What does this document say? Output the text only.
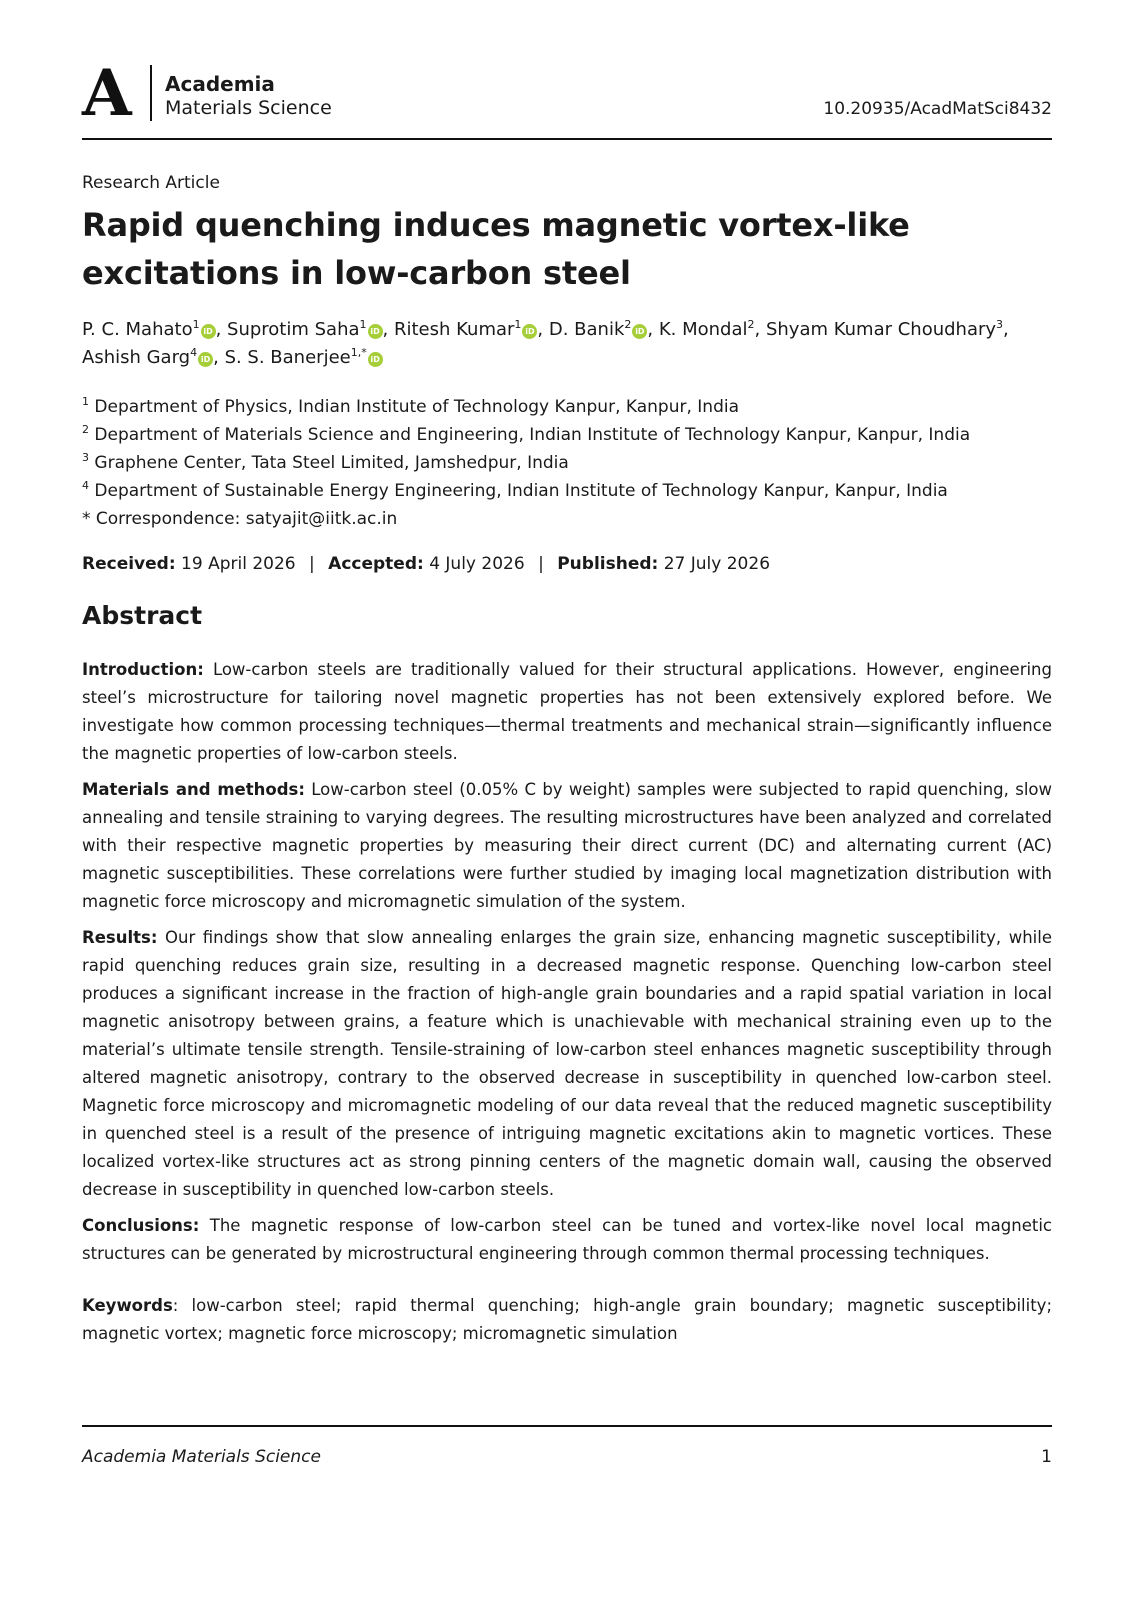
A Academia
Materials Science	10.20935/AcadMatSci8432
Research Article
Rapid quenching induces magnetic vortex-like excitations in low-carbon steel
P. C. Mahato$^1$iD , Suprotim Saha$^1$iD , Ritesh Kumar$^1$iD , D. Banik$^2$iD , K. Mondal$^2$, Shyam Kumar Choudhary$^3$,
Ashish Garg$^4$iD , S. S. Banerjee$^{1,*}$iD
$^1$ Department of Physics, Indian Institute of Technology Kanpur, Kanpur, India
$^2$ Department of Materials Science and Engineering, Indian Institute of Technology Kanpur, Kanpur, India
$^3$ Graphene Center, Tata Steel Limited, Jamshedpur, India
$^4$ Department of Sustainable Energy Engineering, Indian Institute of Technology Kanpur, Kanpur, India
* Correspondence: satyajit@iitk.ac.in
Received: 19 April 2026 | Accepted: 4 July 2026 | Published: 27 July 2026
Abstract

Introduction: Low-carbon steels are traditionally valued for their structural applications. However, engineering steel’s microstructure for tailoring novel magnetic properties has not been extensively explored before. We investigate how common processing techniques—thermal treatments and mechanical strain—significantly influence the magnetic properties of low-carbon steels.

Materials and methods: Low-carbon steel (0.05% C by weight) samples were subjected to rapid quenching, slow annealing and tensile straining to varying degrees. The resulting microstructures have been analyzed and correlated with their respective magnetic properties by measuring their direct current (DC) and alternating current (AC) magnetic susceptibilities. These correlations were further studied by imaging local magnetization distribution with magnetic force microscopy and micromagnetic simulation of the system.

Results: Our findings show that slow annealing enlarges the grain size, enhancing magnetic susceptibility, while rapid quenching reduces grain size, resulting in a decreased magnetic response. Quenching low-carbon steel produces a significant increase in the fraction of high-angle grain boundaries and a rapid spatial variation in local magnetic anisotropy between grains, a feature which is unachievable with mechanical straining even up to the material’s ultimate tensile strength. Tensile-straining of low-carbon steel enhances magnetic susceptibility through altered magnetic anisotropy, contrary to the observed decrease in susceptibility in quenched low-carbon steel. Magnetic force microscopy and micromagnetic modeling of our data reveal that the reduced magnetic susceptibility in quenched steel is a result of the presence of intriguing magnetic excitations akin to magnetic vortices. These localized vortex-like structures act as strong pinning centers of the magnetic domain wall, causing the observed decrease in susceptibility in quenched low-carbon steels.

Conclusions: The magnetic response of low-carbon steel can be tuned and vortex-like novel local magnetic structures can be generated by microstructural engineering through common thermal processing techniques.

Keywords: low-carbon steel; rapid thermal quenching; high-angle grain boundary; magnetic susceptibility; magnetic vortex; magnetic force microscopy; micromagnetic simulation
Academia Materials Science	1
